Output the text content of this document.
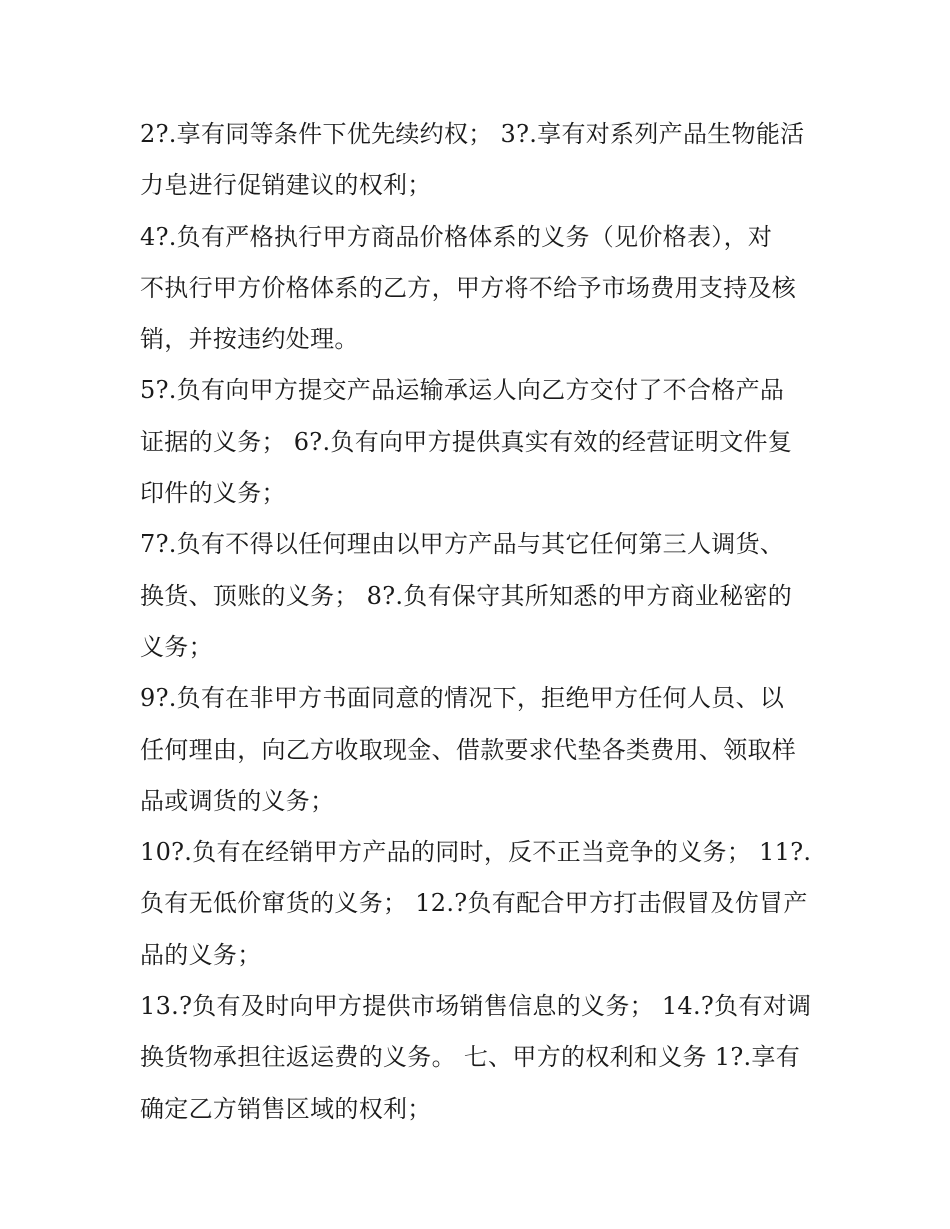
2?.享有同等条件下优先续约权； 3?.享有对系列产品生物能活
力皂进行促销建议的权利；
4?.负有严格执行甲方商品价格体系的义务（见价格表），对
不执行甲方价格体系的乙方，甲方将不给予市场费用支持及核
销，并按违约处理。
5?.负有向甲方提交产品运输承运人向乙方交付了不合格产品
证据的义务； 6?.负有向甲方提供真实有效的经营证明文件复
印件的义务；
7?.负有不得以任何理由以甲方产品与其它任何第三人调货、
换货、顶账的义务； 8?.负有保守其所知悉的甲方商业秘密的
义务；
9?.负有在非甲方书面同意的情况下，拒绝甲方任何人员、以
任何理由，向乙方收取现金、借款要求代垫各类费用、领取样
品或调货的义务；
10?.负有在经销甲方产品的同时，反不正当竞争的义务； 11?.
负有无低价窜货的义务； 12.?负有配合甲方打击假冒及仿冒产
品的义务；
13.?负有及时向甲方提供市场销售信息的义务； 14.?负有对调
换货物承担往返运费的义务。 七、甲方的权利和义务 1?.享有
确定乙方销售区域的权利；
